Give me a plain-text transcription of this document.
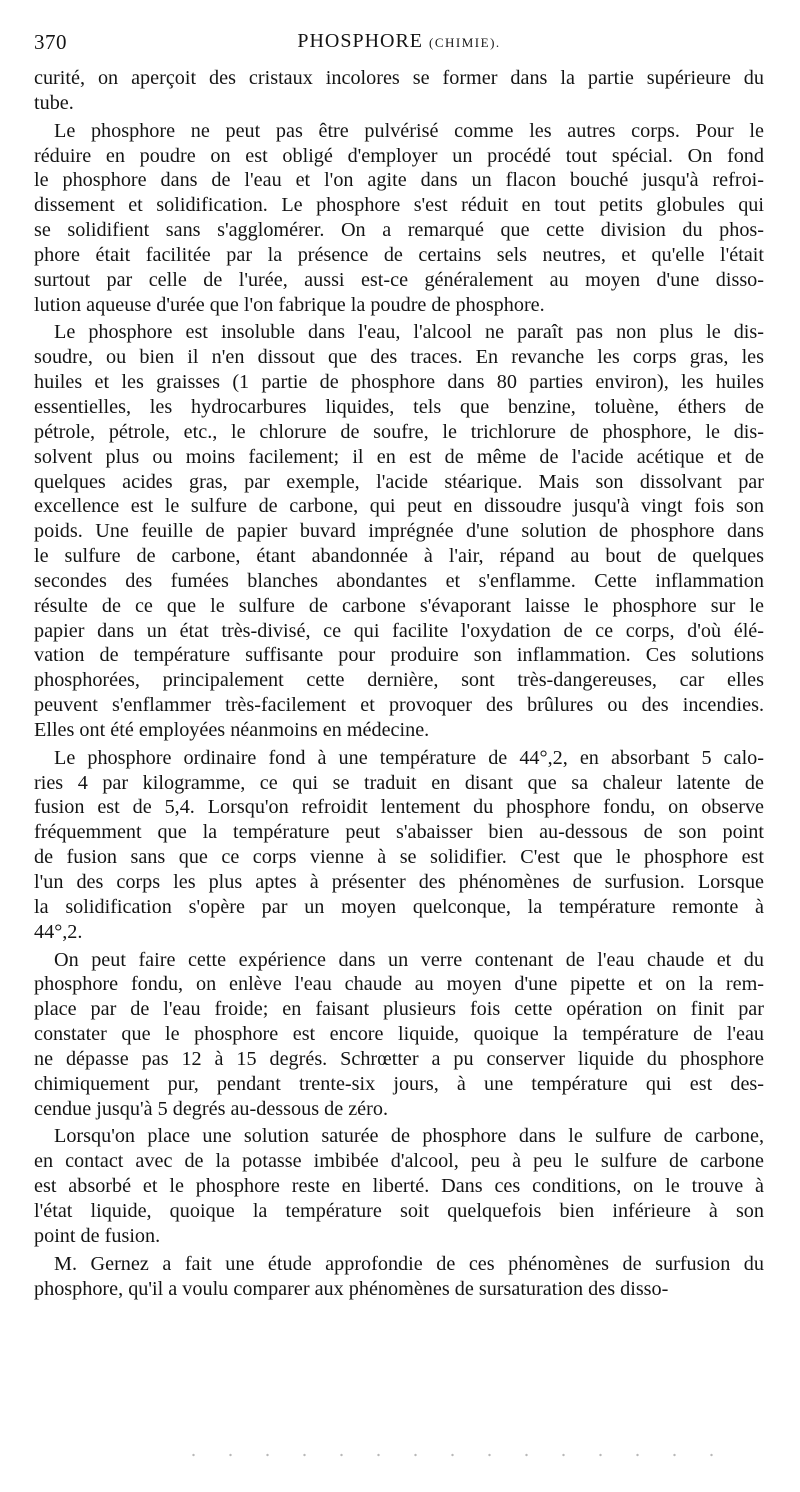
370	PHOSPHORE (CHIMIE).
curité, on aperçoit des cristaux incolores se former dans la partie supérieure du
tube.
Le phosphore ne peut pas être pulvérisé comme les autres corps. Pour le
réduire en poudre on est obligé d'employer un procédé tout spécial. On fond
le phosphore dans de l'eau et l'on agite dans un flacon bouché jusqu'à refroi-
dissement et solidification. Le phosphore s'est réduit en tout petits globules qui
se solidifient sans s'agglomérer. On a remarqué que cette division du phos-
phore était facilitée par la présence de certains sels neutres, et qu'elle l'était
surtout par celle de l'urée, aussi est-ce généralement au moyen d'une disso-
lution aqueuse d'urée que l'on fabrique la poudre de phosphore.
Le phosphore est insoluble dans l'eau, l'alcool ne paraît pas non plus le dis-
soudre, ou bien il n'en dissout que des traces. En revanche les corps gras, les
huiles et les graisses (1 partie de phosphore dans 80 parties environ), les huiles
essentielles, les hydrocarbures liquides, tels que benzine, toluène, éthers de
pétrole, pétrole, etc., le chlorure de soufre, le trichlorure de phosphore, le dis-
solvent plus ou moins facilement; il en est de même de l'acide acétique et de
quelques acides gras, par exemple, l'acide stéarique. Mais son dissolvant par
excellence est le sulfure de carbone, qui peut en dissoudre jusqu'à vingt fois son
poids. Une feuille de papier buvard imprégnée d'une solution de phosphore dans
le sulfure de carbone, étant abandonnée à l'air, répand au bout de quelques
secondes des fumées blanches abondantes et s'enflamme. Cette inflammation
résulte de ce que le sulfure de carbone s'évaporant laisse le phosphore sur le
papier dans un état très-divisé, ce qui facilite l'oxydation de ce corps, d'où élé-
vation de température suffisante pour produire son inflammation. Ces solutions
phosphorées, principalement cette dernière, sont très-dangereuses, car elles
peuvent s'enflammer très-facilement et provoquer des brûlures ou des incendies.
Elles ont été employées néanmoins en médecine.
Le phosphore ordinaire fond à une température de 44°,2, en absorbant 5 calo-
ries 4 par kilogramme, ce qui se traduit en disant que sa chaleur latente de
fusion est de 5,4. Lorsqu'on refroidit lentement du phosphore fondu, on observe
fréquemment que la température peut s'abaisser bien au-dessous de son point
de fusion sans que ce corps vienne à se solidifier. C'est que le phosphore est
l'un des corps les plus aptes à présenter des phénomènes de surfusion. Lorsque
la solidification s'opère par un moyen quelconque, la température remonte à
44°,2.
On peut faire cette expérience dans un verre contenant de l'eau chaude et du
phosphore fondu, on enlève l'eau chaude au moyen d'une pipette et on la rem-
place par de l'eau froide; en faisant plusieurs fois cette opération on finit par
constater que le phosphore est encore liquide, quoique la température de l'eau
ne dépasse pas 12 à 15 degrés. Schrœtter a pu conserver liquide du phosphore
chimiquement pur, pendant trente-six jours, à une température qui est des-
cendue jusqu'à 5 degrés au-dessous de zéro.
Lorsqu'on place une solution saturée de phosphore dans le sulfure de carbone,
en contact avec de la potasse imbibée d'alcool, peu à peu le sulfure de carbone
est absorbé et le phosphore reste en liberté. Dans ces conditions, on le trouve à
l'état liquide, quoique la température soit quelquefois bien inférieure à son
point de fusion.
M. Gernez a fait une étude approfondie de ces phénomènes de surfusion du
phosphore, qu'il a voulu comparer aux phénomènes de sursaturation des disso-
